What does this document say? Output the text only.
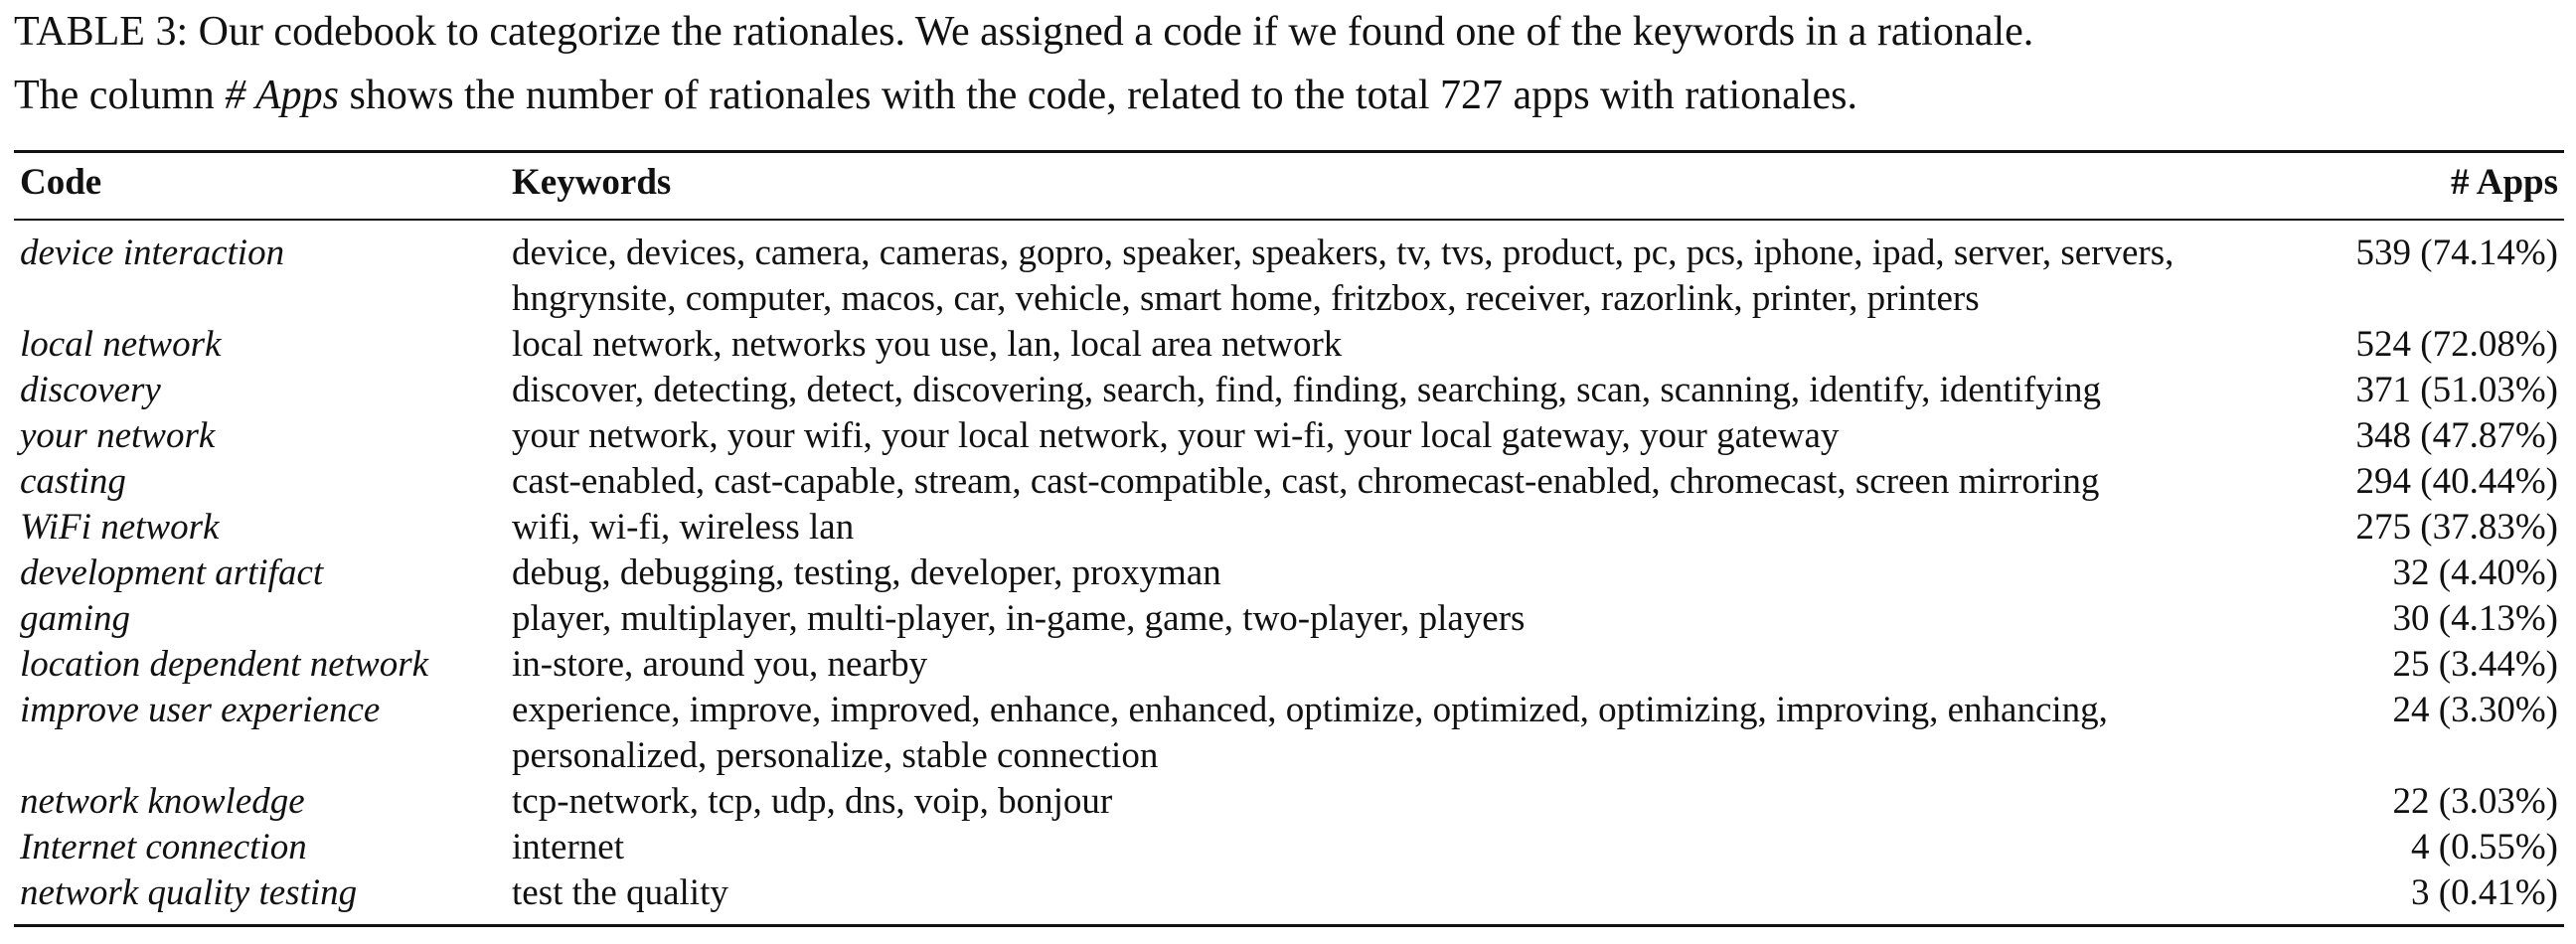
TABLE 3: Our codebook to categorize the rationales. We assigned a code if we found one of the keywords in a rationale.
The column # Apps shows the number of rationales with the code, related to the total 727 apps with rationales.

Code	Keywords	# Apps
device interaction	device, devices, camera, cameras, gopro, speaker, speakers, tv, tvs, product, pc, pcs, iphone, ipad, server, servers, hngrynsite, computer, macos, car, vehicle, smart home, fritzbox, receiver, razorlink, printer, printers	539 (74.14%)
local network	local network, networks you use, lan, local area network	524 (72.08%)
discovery	discover, detecting, detect, discovering, search, find, finding, searching, scan, scanning, identify, identifying	371 (51.03%)
your network	your network, your wifi, your local network, your wi-fi, your local gateway, your gateway	348 (47.87%)
casting	cast-enabled, cast-capable, stream, cast-compatible, cast, chromecast-enabled, chromecast, screen mirroring	294 (40.44%)
WiFi network	wifi, wi-fi, wireless lan	275 (37.83%)
development artifact	debug, debugging, testing, developer, proxyman	32 (4.40%)
gaming	player, multiplayer, multi-player, in-game, game, two-player, players	30 (4.13%)
location dependent network	in-store, around you, nearby	25 (3.44%)
improve user experience	experience, improve, improved, enhance, enhanced, optimize, optimized, optimizing, improving, enhancing, personalized, personalize, stable connection	24 (3.30%)
network knowledge	tcp-network, tcp, udp, dns, voip, bonjour	22 (3.03%)
Internet connection	internet	4 (0.55%)
network quality testing	test the quality	3 (0.41%)
